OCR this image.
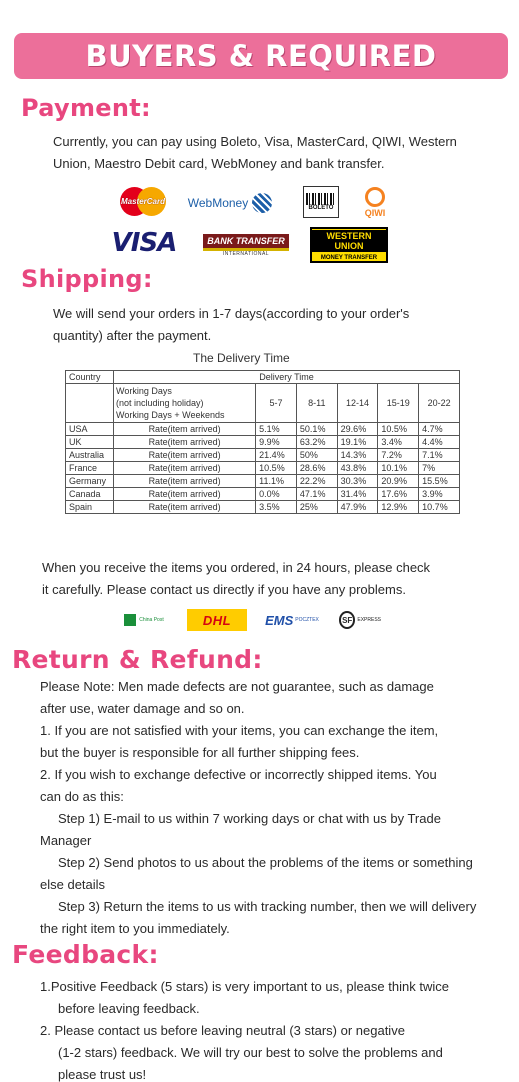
BUYERS & REQUIRED
Payment:
Currently, you can pay using Boleto, Visa, MasterCard, QIWI, Western
Union, Maestro Debit card, WebMoney and bank transfer.
MasterCard WebMoney	BOLETO	QIWI
VISA	BANK TRANSFER
INTERNATIONAL
WESTERN UNION
MONEY TRANSFER
Shipping:
We will send your orders in 1-7 days(according to your order's
quantity) after the payment.
The Delivery Time
Country	Delivery Time					

	Working Days
(not including holiday)
Working Days + Weekends	5-7	8-11	12-14	15-19	20-22
USA	Rate(item arrived)	5.1%	50.1%	29.6%	10.5%	4.7%
UK	Rate(item arrived)	9.9%	63.2%	19.1%	3.4%	4.4%
Australia	Rate(item arrived)	21.4%	50%	14.3%	7.2%	7.1%
France	Rate(item arrived)	10.5%	28.6%	43.8%	10.1%	7%
Germany	Rate(item arrived)	11.1%	22.2%	30.3%	20.9%	15.5%
Canada	Rate(item arrived)	0.0%	47.1%	31.4%	17.6%	3.9%
Spain	Rate(item arrived)	3.5%	25%	47.9%	12.9%	10.7%
When you receive the items you ordered, in 24 hours, please check
it carefully. Please contact us directly if you have any problems.
China Post	DHL	EMS POCZTEX	SF	EXPRESS
Return & Refund:
Please Note: Men made defects are not guarantee, such as damage
after use, water damage and so on.
1. If you are not satisfied with your items, you can exchange the item,
but the buyer is responsible for all further shipping fees.
2. If you wish to exchange defective or incorrectly shipped items. You
can do as this:
Step 1) E-mail to us within 7 working days or chat with us by Trade
Manager
Step 2) Send photos to us about the problems of the items or something
else details
Step 3) Return the items to us with tracking number, then we will delivery
the right item to you immediately.
Feedback:
1.Positive Feedback (5 stars) is very important to us, please think twice
before leaving feedback.
2. Please contact us before leaving neutral (3 stars) or negative
(1-2 stars) feedback. We will try our best to solve the problems and
please trust us!
